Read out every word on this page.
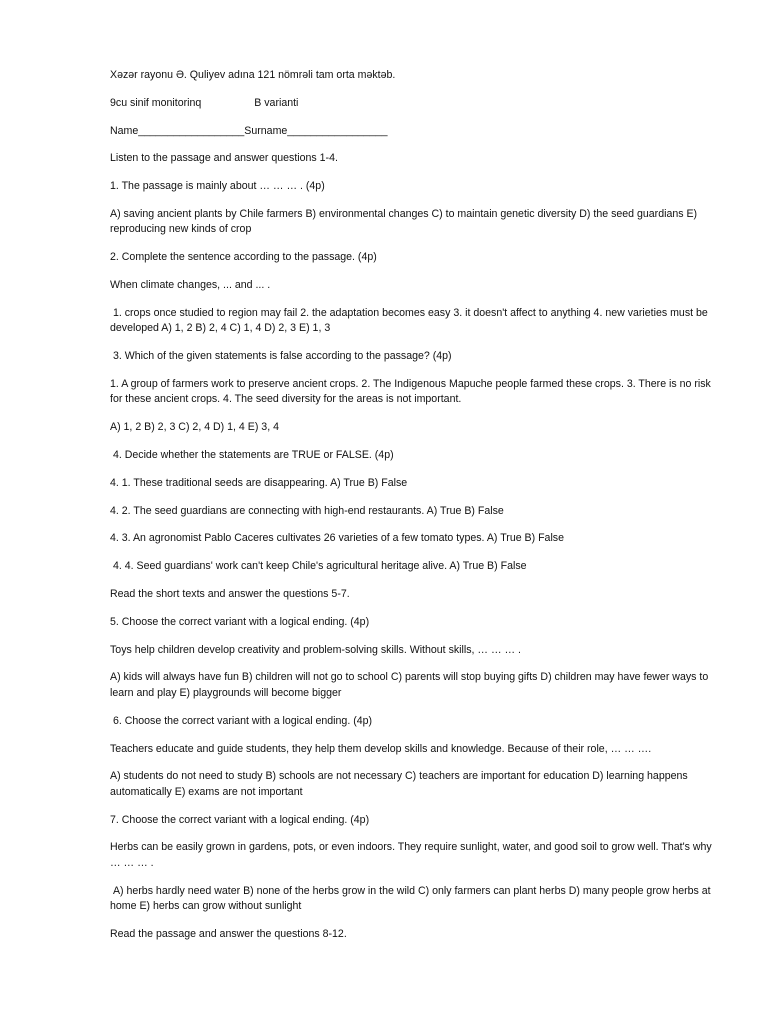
Xəzər rayonu Ə. Quliyev adına 121 nömrəli tam orta məktəb.

9cu sinif monitorinq                  B varianti

Name__________________Surname_________________

Listen to the passage and answer questions 1-4.

1. The passage is mainly about … … … . (4p)

A) saving ancient plants by Chile farmers B) environmental changes C) to maintain genetic diversity D) the seed guardians E) reproducing new kinds of crop

2. Complete the sentence according to the passage. (4p)

When climate changes, ... and ... .

1. crops once studied to region may fail 2. the adaptation becomes easy 3. it doesn't affect to anything 4. new varieties must be developed A) 1, 2 B) 2, 4 C) 1, 4 D) 2, 3 E) 1, 3

3. Which of the given statements is false according to the passage? (4p)

1. A group of farmers work to preserve ancient crops. 2. The Indigenous Mapuche people farmed these crops. 3. There is no risk for these ancient crops. 4. The seed diversity for the areas is not important.

A) 1, 2 B) 2, 3 C) 2, 4 D) 1, 4 E) 3, 4

4. Decide whether the statements are TRUE or FALSE. (4p)

4. 1. These traditional seeds are disappearing. A) True B) False

4. 2. The seed guardians are connecting with high-end restaurants. A) True B) False

4. 3. An agronomist Pablo Caceres cultivates 26 varieties of a few tomato types. A) True B) False

4. 4. Seed guardians' work can't keep Chile's agricultural heritage alive. A) True B) False

Read the short texts and answer the questions 5-7.

5. Choose the correct variant with a logical ending. (4p)

Toys help children develop creativity and problem-solving skills. Without skills, … … … .

A) kids will always have fun B) children will not go to school C) parents will stop buying gifts D) children may have fewer ways to learn and play E) playgrounds will become bigger

6. Choose the correct variant with a logical ending. (4p)

Teachers educate and guide students, they help them develop skills and knowledge. Because of their role, … … ….

A) students do not need to study B) schools are not necessary C) teachers are important for education D) learning happens automatically E) exams are not important

7. Choose the correct variant with a logical ending. (4p)

Herbs can be easily grown in gardens, pots, or even indoors. They require sunlight, water, and good soil to grow well. That's why … … … .

A) herbs hardly need water B) none of the herbs grow in the wild C) only farmers can plant herbs D) many people grow herbs at home E) herbs can grow without sunlight

Read the passage and answer the questions 8-12.
